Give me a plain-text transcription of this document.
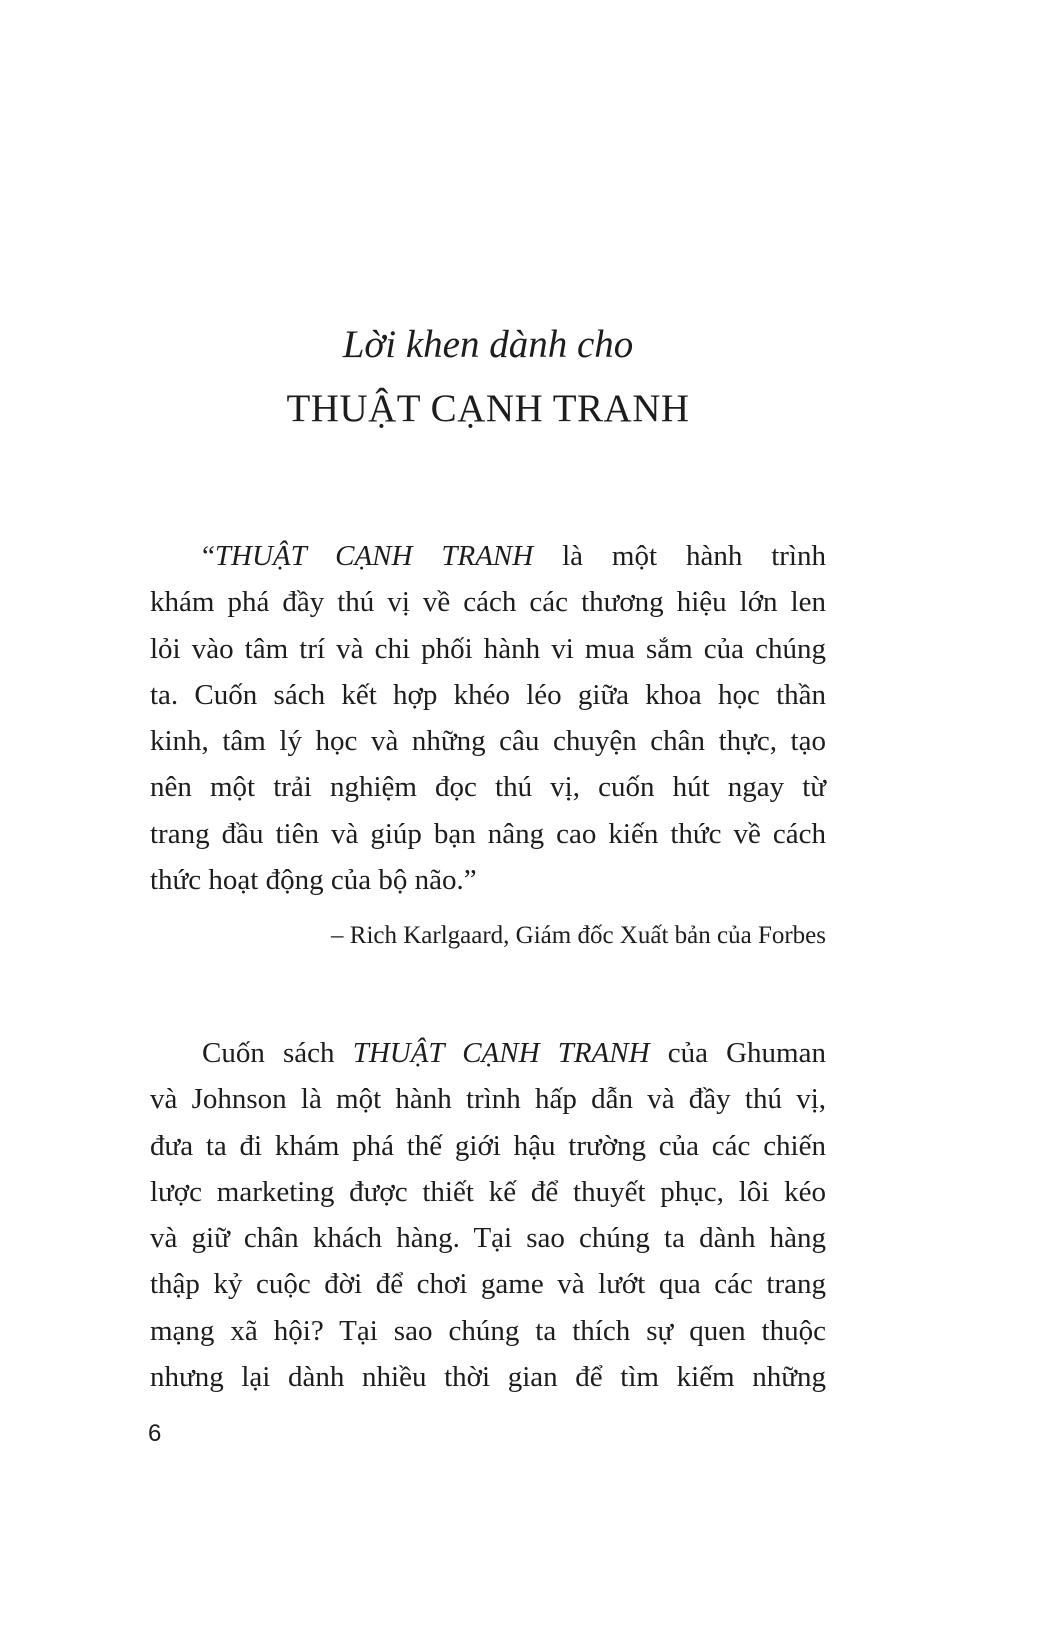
Lời khen dành cho
THUẬT CẠNH TRANH
“THUẬT CẠNH TRANH là một hành trình
khám phá đầy thú vị về cách các thương hiệu lớn len
lỏi vào tâm trí và chi phối hành vi mua sắm của chúng
ta. Cuốn sách kết hợp khéo léo giữa khoa học thần
kinh, tâm lý học và những câu chuyện chân thực, tạo
nên một trải nghiệm đọc thú vị, cuốn hút ngay từ
trang đầu tiên và giúp bạn nâng cao kiến thức về cách
thức hoạt động của bộ não.”
– Rich Karlgaard, Giám đốc Xuất bản của Forbes
Cuốn sách THUẬT CẠNH TRANH của Ghuman
và Johnson là một hành trình hấp dẫn và đầy thú vị,
đưa ta đi khám phá thế giới hậu trường của các chiến
lược marketing được thiết kế để thuyết phục, lôi kéo
và giữ chân khách hàng. Tại sao chúng ta dành hàng
thập kỷ cuộc đời để chơi game và lướt qua các trang
mạng xã hội? Tại sao chúng ta thích sự quen thuộc
nhưng lại dành nhiều thời gian để tìm kiếm những
6
